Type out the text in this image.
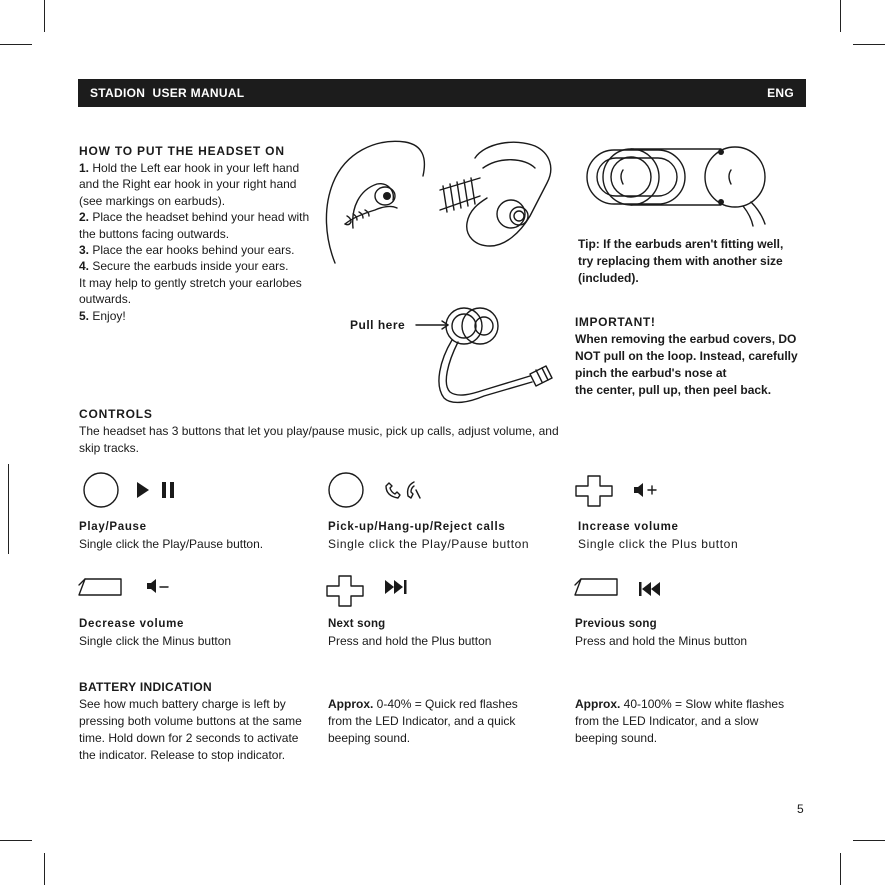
STADION  USER MANUAL	ENG
HOW TO PUT THE HEADSET ON
1. Hold the Left ear hook in your left hand and the Right ear hook in your right hand (see markings on earbuds).
2. Place the headset behind your head with the buttons facing outwards.
3. Place the ear hooks behind your ears.
4. Secure the earbuds inside your ears.
It may help to gently stretch your earlobes outwards.
5. Enjoy!
Tip: If the earbuds aren't fitting well, try replacing them with another size (included).
Pull here	IMPORTANT!
When removing the earbud covers, DO
NOT pull on the loop. Instead, carefully
pinch the earbud's nose at
the center, pull up, then peel back.
CONTROLS
The headset has 3 buttons that let you play/pause music, pick up calls, adjust volume, and skip tracks.
Play/Pause
Single click the Play/Pause button.
Pick-up/Hang-up/Reject calls
Single click the Play/Pause button
Increase volume
Single click the Plus button
Decrease volume
Single click the Minus button
Next song
Press and hold the Plus button
Previous song
Press and hold the Minus button
BATTERY INDICATION
See how much battery charge is left by pressing both volume buttons at the same time. Hold down for 2 seconds to activate the indicator. Release to stop indicator.
Approx. 0-40% = Quick red flashes from the LED Indicator, and a quick beeping sound.
Approx. 40-100% = Slow white flashes from the LED Indicator, and a slow beeping sound.
5
